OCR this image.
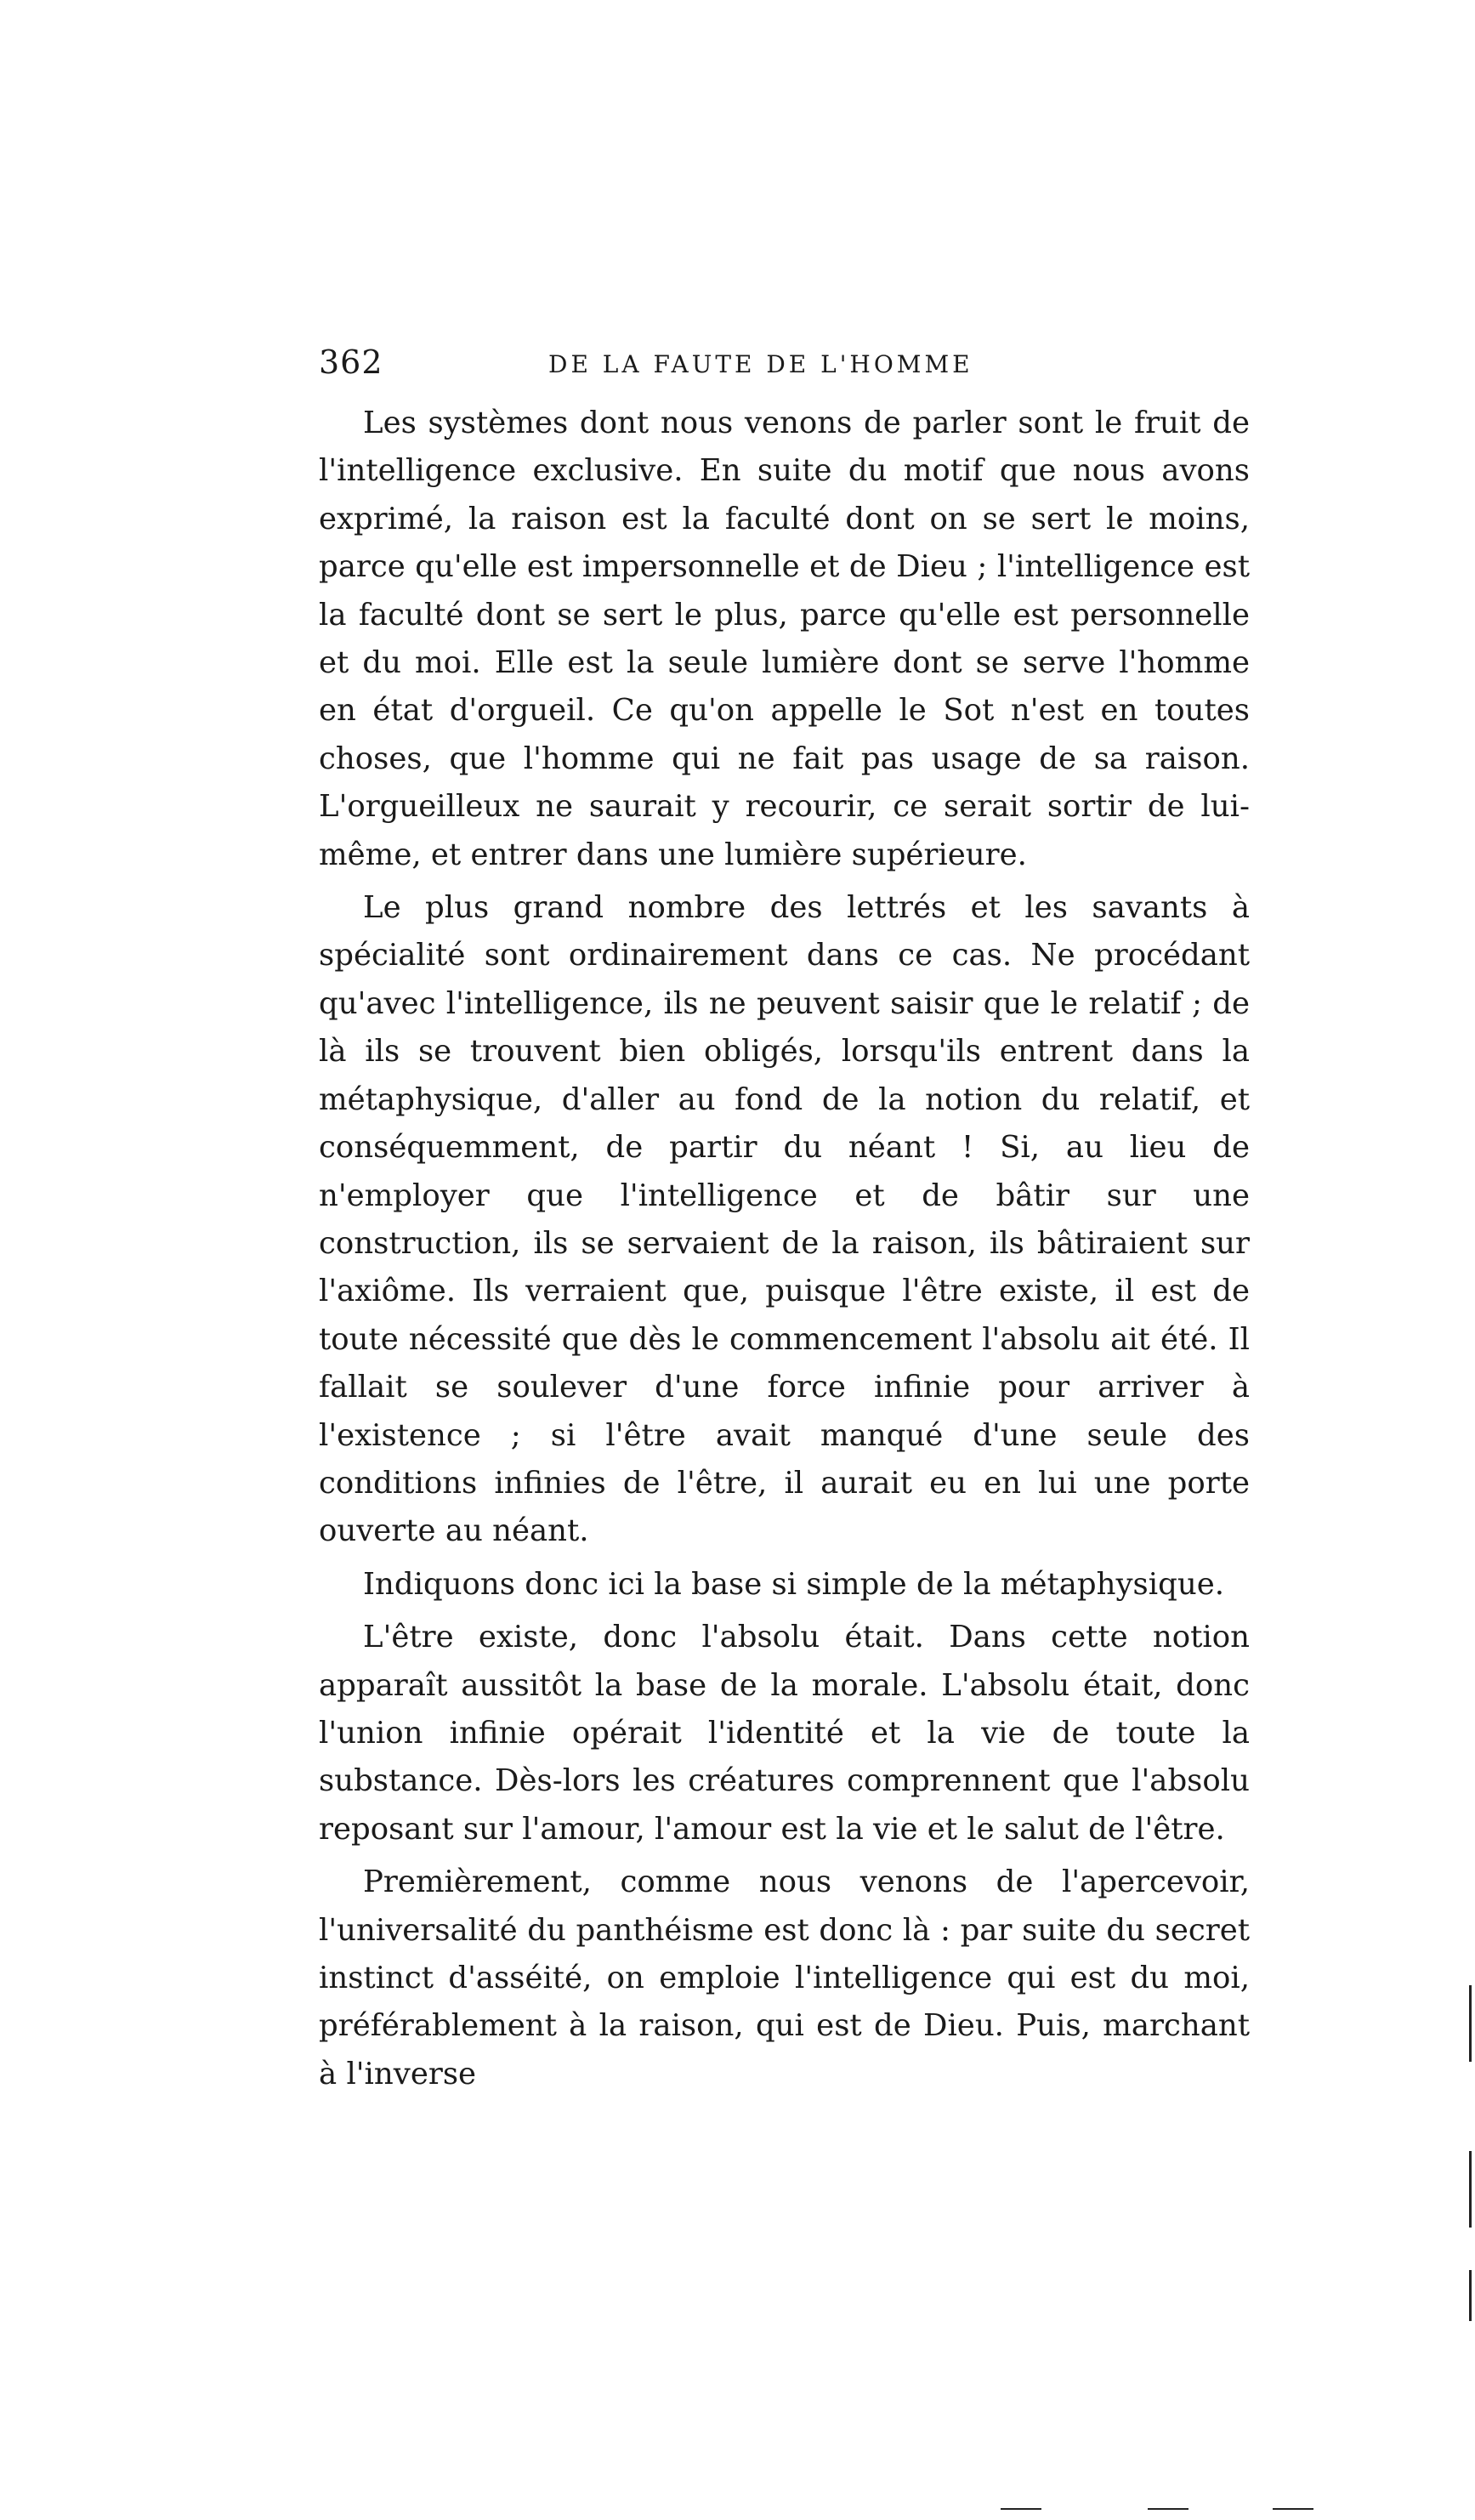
362	DE LA FAUTE DE L'HOMME

Les systèmes dont nous venons de parler sont le fruit de l'intelligence exclusive. En suite du motif que nous avons exprimé, la raison est la faculté dont on se sert le moins, parce qu'elle est impersonnelle et de Dieu ; l'intelligence est la faculté dont se sert le plus, parce qu'elle est personnelle et du moi. Elle est la seule lumière dont se serve l'homme en état d'orgueil. Ce qu'on appelle le Sot n'est en toutes choses, que l'homme qui ne fait pas usage de sa raison. L'orgueilleux ne saurait y recourir, ce serait sortir de lui-même, et entrer dans une lumière supérieure.

Le plus grand nombre des lettrés et les savants à spécialité sont ordinairement dans ce cas. Ne procédant qu'avec l'intelligence, ils ne peuvent saisir que le relatif ; de là ils se trouvent bien obligés, lorsqu'ils entrent dans la métaphysique, d'aller au fond de la notion du relatif, et conséquemment, de partir du néant ! Si, au lieu de n'employer que l'intelligence et de bâtir sur une construction, ils se servaient de la raison, ils bâtiraient sur l'axiôme. Ils verraient que, puisque l'être existe, il est de toute nécessité que dès le commencement l'absolu ait été. Il fallait se soulever d'une force infinie pour arriver à l'existence ; si l'être avait manqué d'une seule des conditions infinies de l'être, il aurait eu en lui une porte ouverte au néant.

Indiquons donc ici la base si simple de la métaphysique.

L'être existe, donc l'absolu était. Dans cette notion apparaît aussitôt la base de la morale. L'absolu était, donc l'union infinie opérait l'identité et la vie de toute la substance. Dès-lors les créatures comprennent que l'absolu reposant sur l'amour, l'amour est la vie et le salut de l'être.

Premièrement, comme nous venons de l'apercevoir, l'universalité du panthéisme est donc là : par suite du secret instinct d'asséité, on emploie l'intelligence qui est du moi, préférablement à la raison, qui est de Dieu. Puis, marchant à l'inverse
